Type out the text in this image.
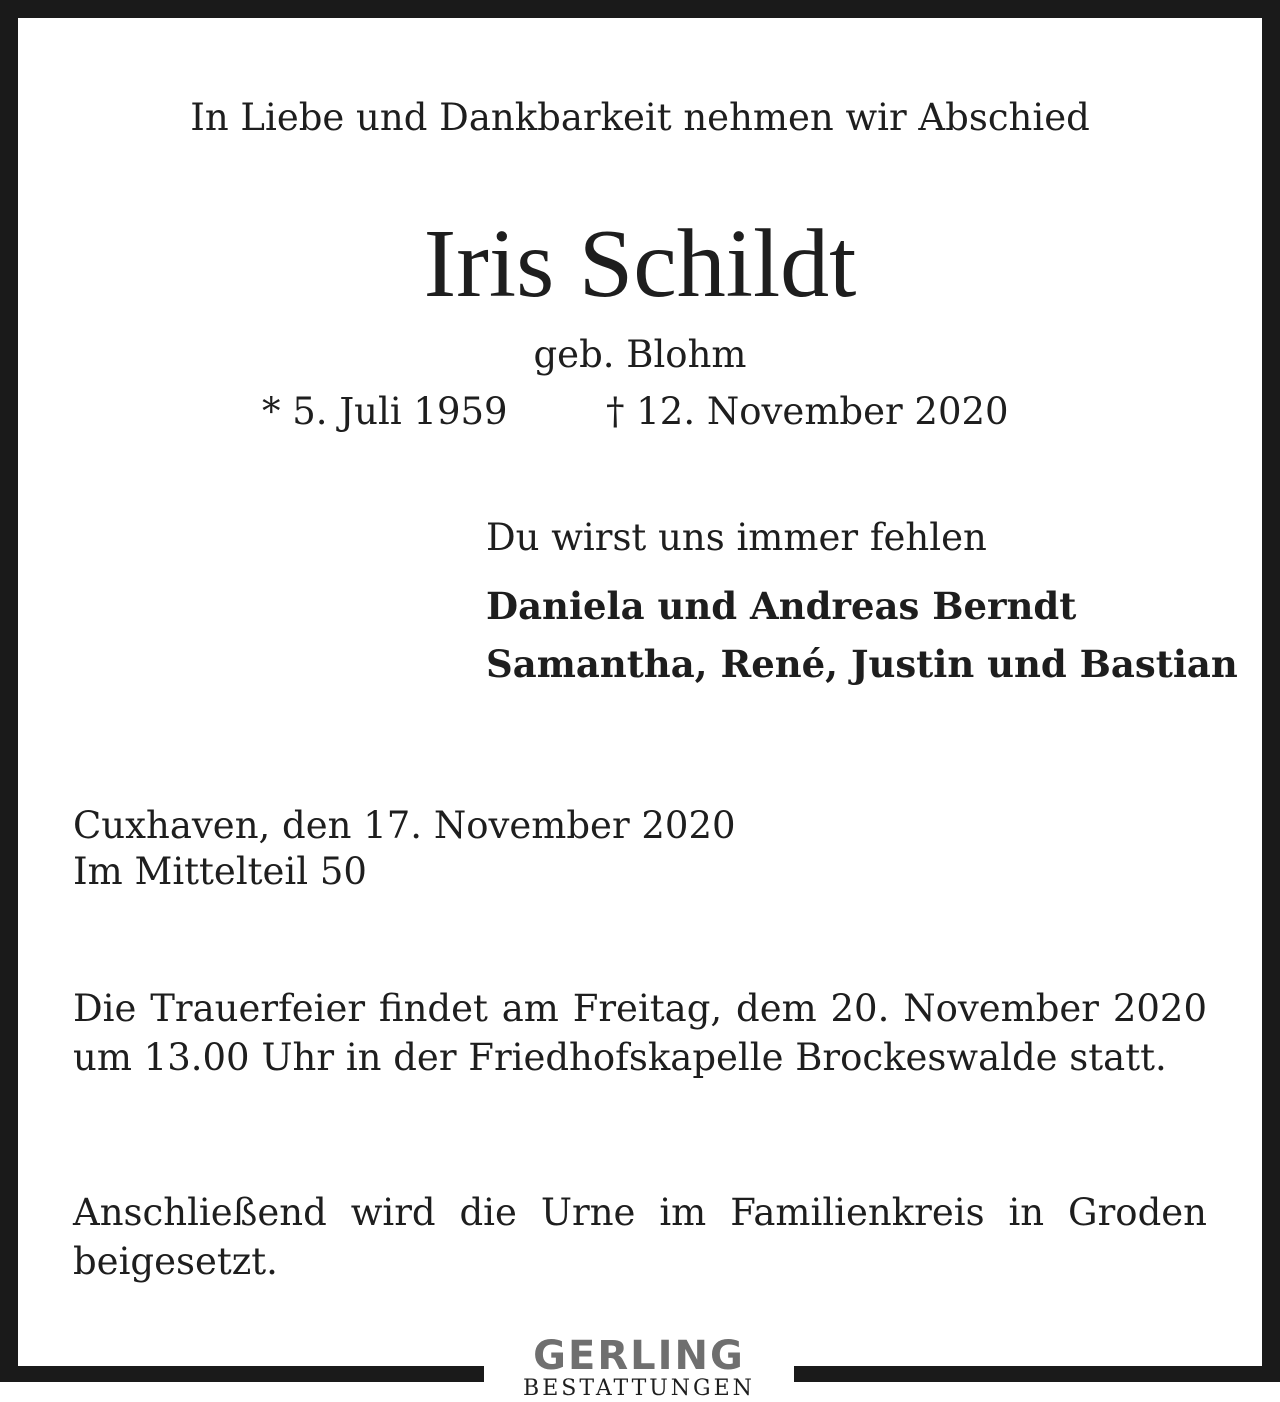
In Liebe und Dankbarkeit nehmen wir Abschied
Iris Schildt
geb. Blohm
* 5. Juli 1959	† 12. November 2020
Du wirst uns immer fehlen
Daniela und Andreas Berndt
Samantha, René, Justin und Bastian
Cuxhaven, den 17. November 2020
Im Mittelteil 50
Die Trauerfeier findet am Freitag, dem 20. November 2020 um 13.00 Uhr in der Friedhofskapelle Brockeswalde statt.
Anschließend wird die Urne im Familienkreis in Groden beigesetzt.
GERLING
BESTATTUNGEN
